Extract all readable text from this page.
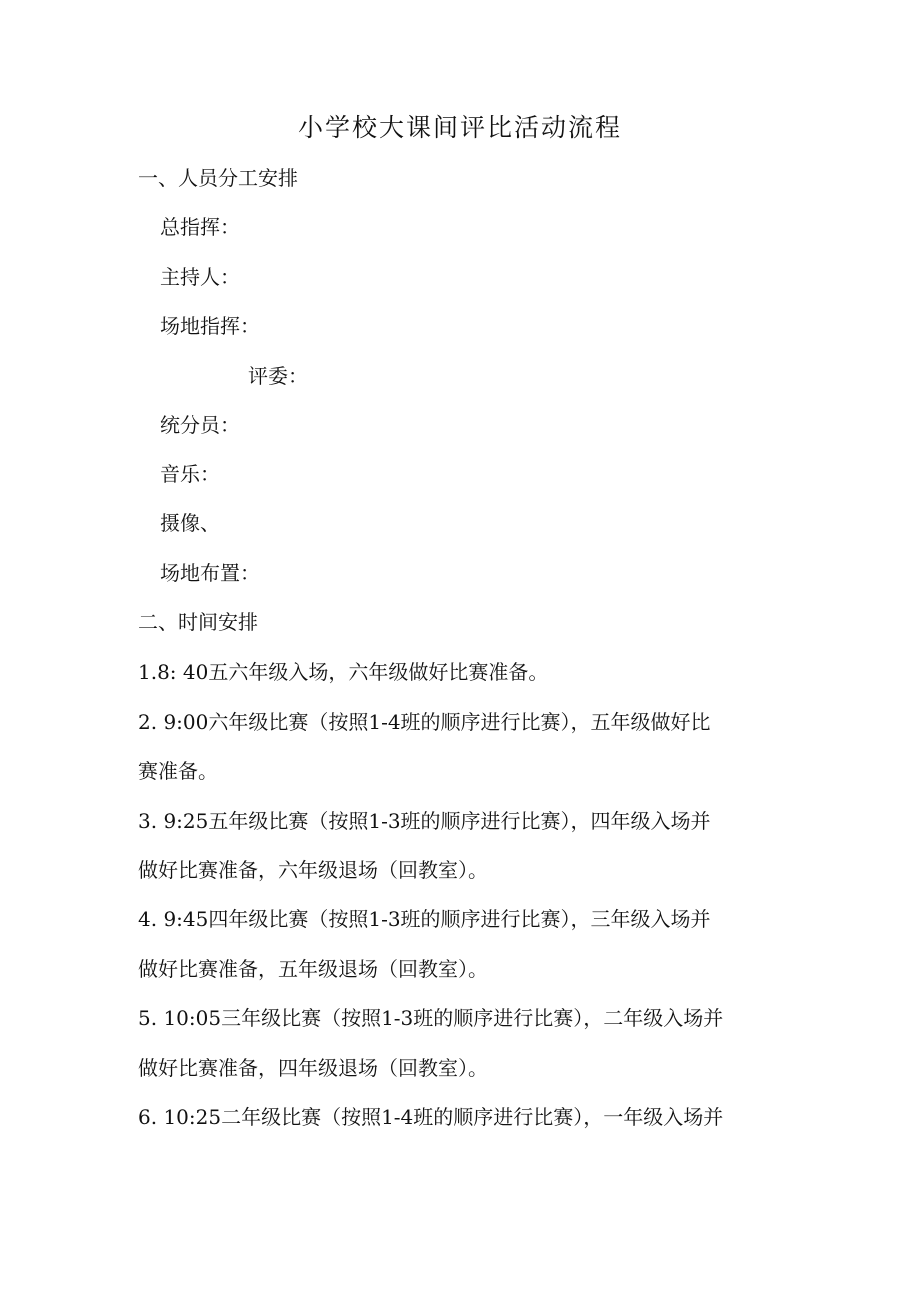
小学校大课间评比活动流程
一、人员分工安排
总指挥：
主持人：
场地指挥：
评委：
统分员：
音乐：
摄像、
场地布置：
二、时间安排
1.8: 40五六年级入场，六年级做好比赛准备。
2. 9:00六年级比赛（按照1-4班的顺序进行比赛），五年级做好比
赛准备。
3. 9:25五年级比赛（按照1-3班的顺序进行比赛），四年级入场并
做好比赛准备，六年级退场（回教室）。
4. 9:45四年级比赛（按照1-3班的顺序进行比赛），三年级入场并
做好比赛准备，五年级退场（回教室）。
5. 10:05三年级比赛（按照1-3班的顺序进行比赛），二年级入场并
做好比赛准备，四年级退场（回教室）。
6. 10:25二年级比赛（按照1-4班的顺序进行比赛），一年级入场并
